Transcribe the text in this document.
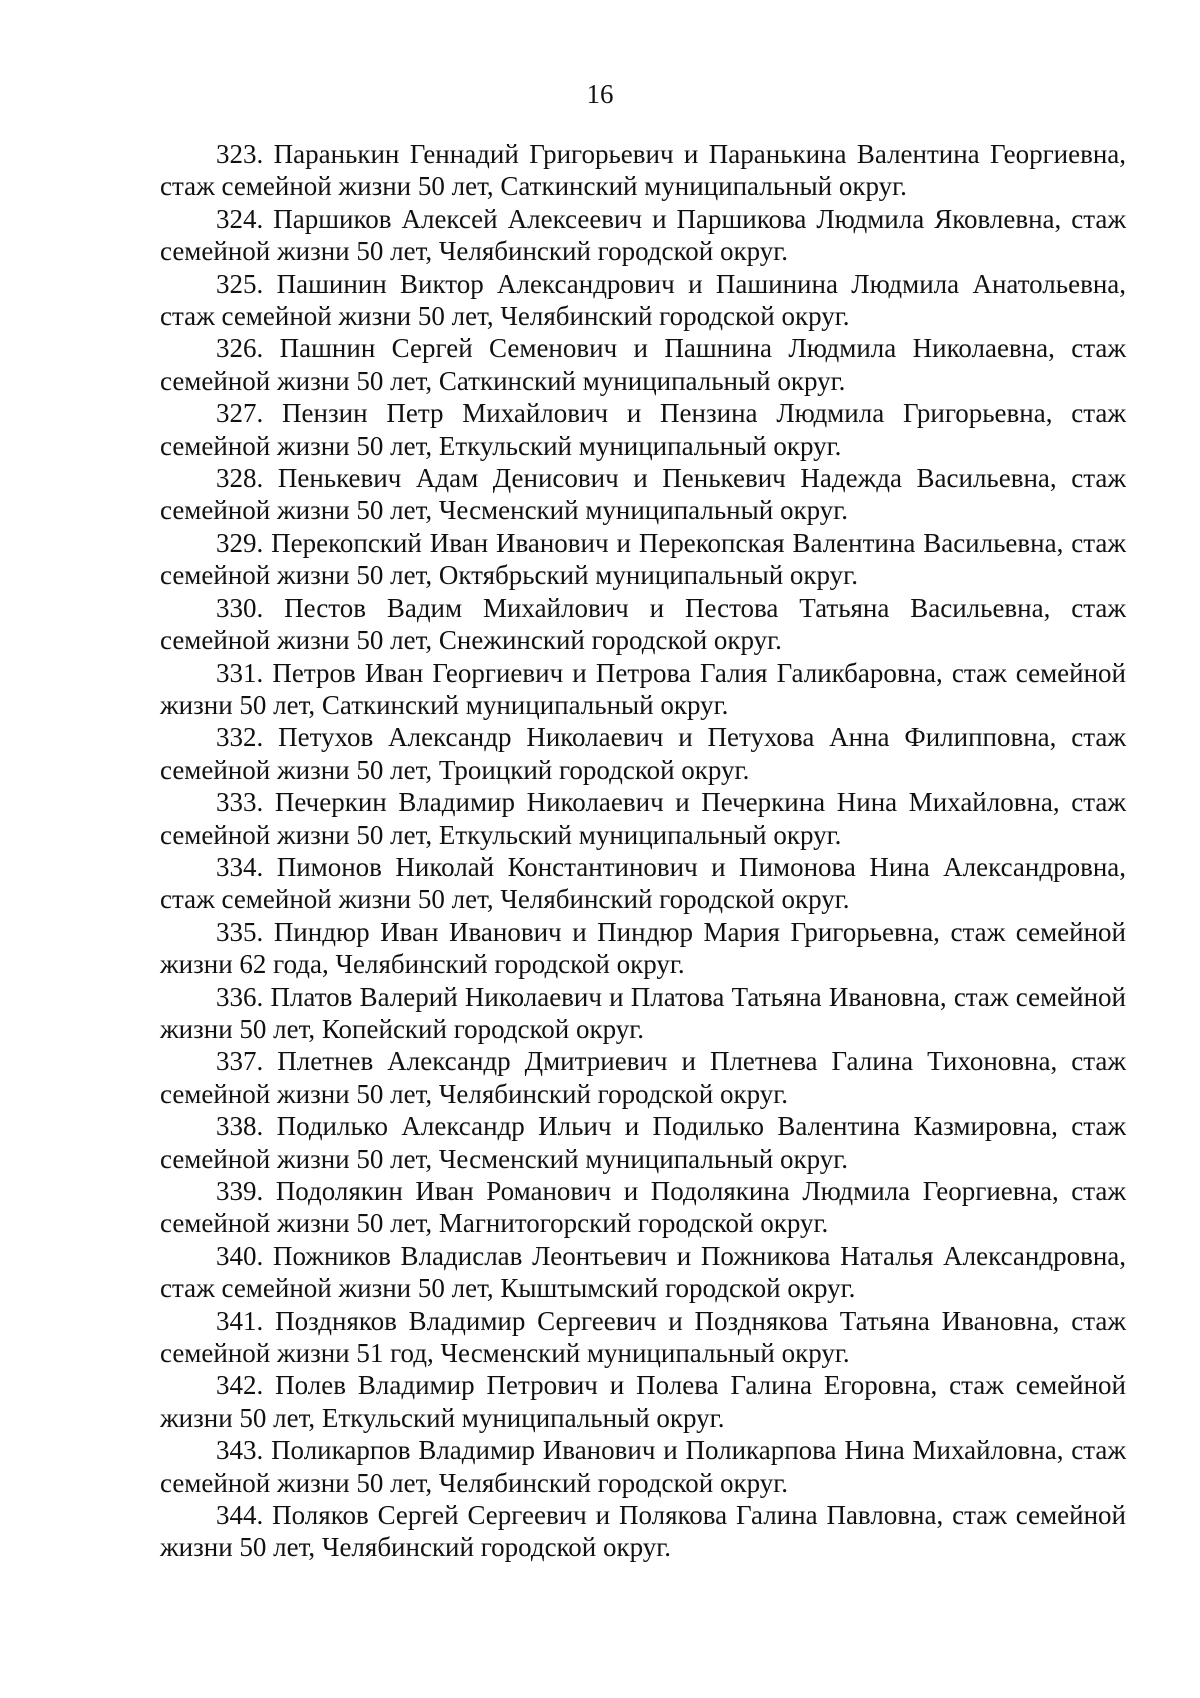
16

323. Паранькин Геннадий Григорьевич и Паранькина Валентина Георгиевна, стаж семейной жизни 50 лет, Саткинский муниципальный округ.

324. Паршиков Алексей Алексеевич и Паршикова Людмила Яковлевна, стаж семейной жизни 50 лет, Челябинский городской округ.

325. Пашинин Виктор Александрович и Пашинина Людмила Анатольевна, стаж семейной жизни 50 лет, Челябинский городской округ.

326. Пашнин Сергей Семенович и Пашнина Людмила Николаевна, стаж семейной жизни 50 лет, Саткинский муниципальный округ.

327. Пензин Петр Михайлович и Пензина Людмила Григорьевна, стаж семейной жизни 50 лет, Еткульский муниципальный округ.

328. Пенькевич Адам Денисович и Пенькевич Надежда Васильевна, стаж семейной жизни 50 лет, Чесменский муниципальный округ.

329. Перекопский Иван Иванович и Перекопская Валентина Васильевна, стаж семейной жизни 50 лет, Октябрьский муниципальный округ.

330. Пестов Вадим Михайлович и Пестова Татьяна Васильевна, стаж семейной жизни 50 лет, Снежинский городской округ.

331. Петров Иван Георгиевич и Петрова Галия Галикбаровна, стаж семейной жизни 50 лет, Саткинский муниципальный округ.

332. Петухов Александр Николаевич и Петухова Анна Филипповна, стаж семейной жизни 50 лет, Троицкий городской округ.

333. Печеркин Владимир Николаевич и Печеркина Нина Михайловна, стаж семейной жизни 50 лет, Еткульский муниципальный округ.

334. Пимонов Николай Константинович и Пимонова Нина Александровна, стаж семейной жизни 50 лет, Челябинский городской округ.

335. Пиндюр Иван Иванович и Пиндюр Мария Григорьевна, стаж семейной жизни 62 года, Челябинский городской округ.

336. Платов Валерий Николаевич и Платова Татьяна Ивановна, стаж семейной жизни 50 лет, Копейский городской округ.

337. Плетнев Александр Дмитриевич и Плетнева Галина Тихоновна, стаж семейной жизни 50 лет, Челябинский городской округ.

338. Подилько Александр Ильич и Подилько Валентина Казмировна, стаж семейной жизни 50 лет, Чесменский муниципальный округ.

339. Подолякин Иван Романович и Подолякина Людмила Георгиевна, стаж семейной жизни 50 лет, Магнитогорский городской округ.

340. Пожников Владислав Леонтьевич и Пожникова Наталья Александровна, стаж семейной жизни 50 лет, Кыштымский городской округ.

341. Поздняков Владимир Сергеевич и Позднякова Татьяна Ивановна, стаж семейной жизни 51 год, Чесменский муниципальный округ.

342. Полев Владимир Петрович и Полева Галина Егоровна, стаж семейной жизни 50 лет, Еткульский муниципальный округ.

343. Поликарпов Владимир Иванович и Поликарпова Нина Михайловна, стаж семейной жизни 50 лет, Челябинский городской округ.

344. Поляков Сергей Сергеевич и Полякова Галина Павловна, стаж семейной жизни 50 лет, Челябинский городской округ.
